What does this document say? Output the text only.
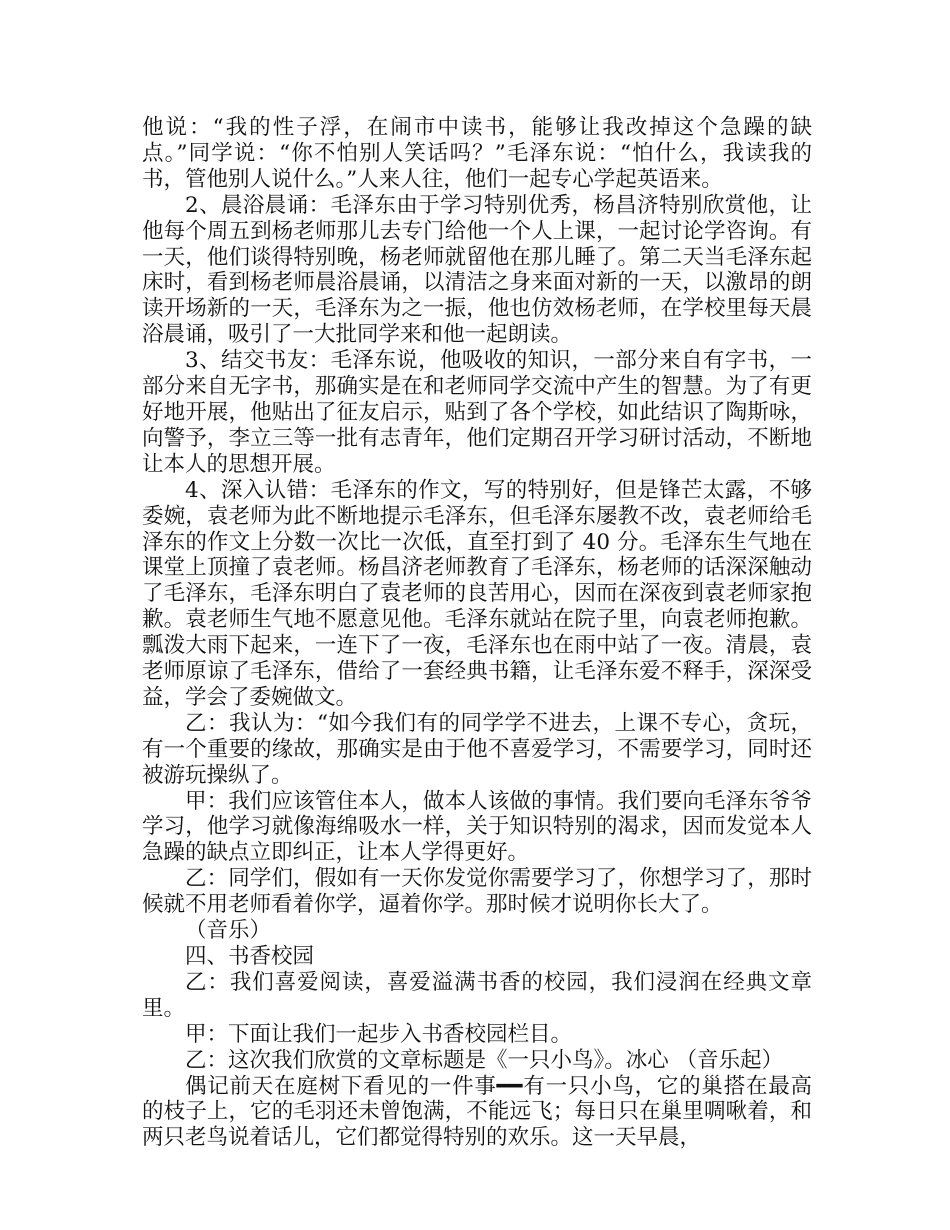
他说：“我的性子浮，在闹市中读书，能够让我改掉这个急躁的缺点。”同学说：“你不怕别人笑话吗？”毛泽东说：“怕什么，我读我的书，管他别人说什么。”人来人往，他们一起专心学起英语来。

2、晨浴晨诵：毛泽东由于学习特别优秀，杨昌济特别欣赏他，让他每个周五到杨老师那儿去专门给他一个人上课，一起讨论学咨询。有一天，他们谈得特别晚，杨老师就留他在那儿睡了。第二天当毛泽东起床时，看到杨老师晨浴晨诵，以清洁之身来面对新的一天，以激昂的朗读开场新的一天，毛泽东为之一振，他也仿效杨老师，在学校里每天晨浴晨诵，吸引了一大批同学来和他一起朗读。

3、结交书友：毛泽东说，他吸收的知识，一部分来自有字书，一部分来自无字书，那确实是在和老师同学交流中产生的智慧。为了有更好地开展，他贴出了征友启示，贴到了各个学校，如此结识了陶斯咏，向警予，李立三等一批有志青年，他们定期召开学习研讨活动，不断地让本人的思想开展。

4、深入认错：毛泽东的作文，写的特别好，但是锋芒太露，不够委婉，袁老师为此不断地提示毛泽东，但毛泽东屡教不改，袁老师给毛泽东的作文上分数一次比一次低，直至打到了 40 分。毛泽东生气地在课堂上顶撞了袁老师。杨昌济老师教育了毛泽东，杨老师的话深深触动了毛泽东，毛泽东明白了袁老师的良苦用心，因而在深夜到袁老师家抱歉。袁老师生气地不愿意见他。毛泽东就站在院子里，向袁老师抱歉。瓢泼大雨下起来，一连下了一夜，毛泽东也在雨中站了一夜。清晨，袁老师原谅了毛泽东，借给了一套经典书籍，让毛泽东爱不释手，深深受益，学会了委婉做文。

乙：我认为：“如今我们有的同学学不进去，上课不专心，贪玩，有一个重要的缘故，那确实是由于他不喜爱学习，不需要学习，同时还被游玩操纵了。

甲：我们应该管住本人，做本人该做的事情。我们要向毛泽东爷爷学习，他学习就像海绵吸水一样，关于知识特别的渴求，因而发觉本人急躁的缺点立即纠正，让本人学得更好。

乙：同学们，假如有一天你发觉你需要学习了，你想学习了，那时候就不用老师看着你学，逼着你学。那时候才说明你长大了。

（音乐）

四、书香校园

乙：我们喜爱阅读，喜爱溢满书香的校园，我们浸润在经典文章里。

甲：下面让我们一起步入书香校园栏目。

乙：这次我们欣赏的文章标题是《一只小鸟》。冰心 （音乐起）

偶记前天在庭树下看见的一件事━━有一只小鸟，它的巢搭在最高的枝子上，它的毛羽还未曾饱满，不能远飞；每日只在巢里啁啾着，和两只老鸟说着话儿，它们都觉得特别的欢乐。这一天早晨，
